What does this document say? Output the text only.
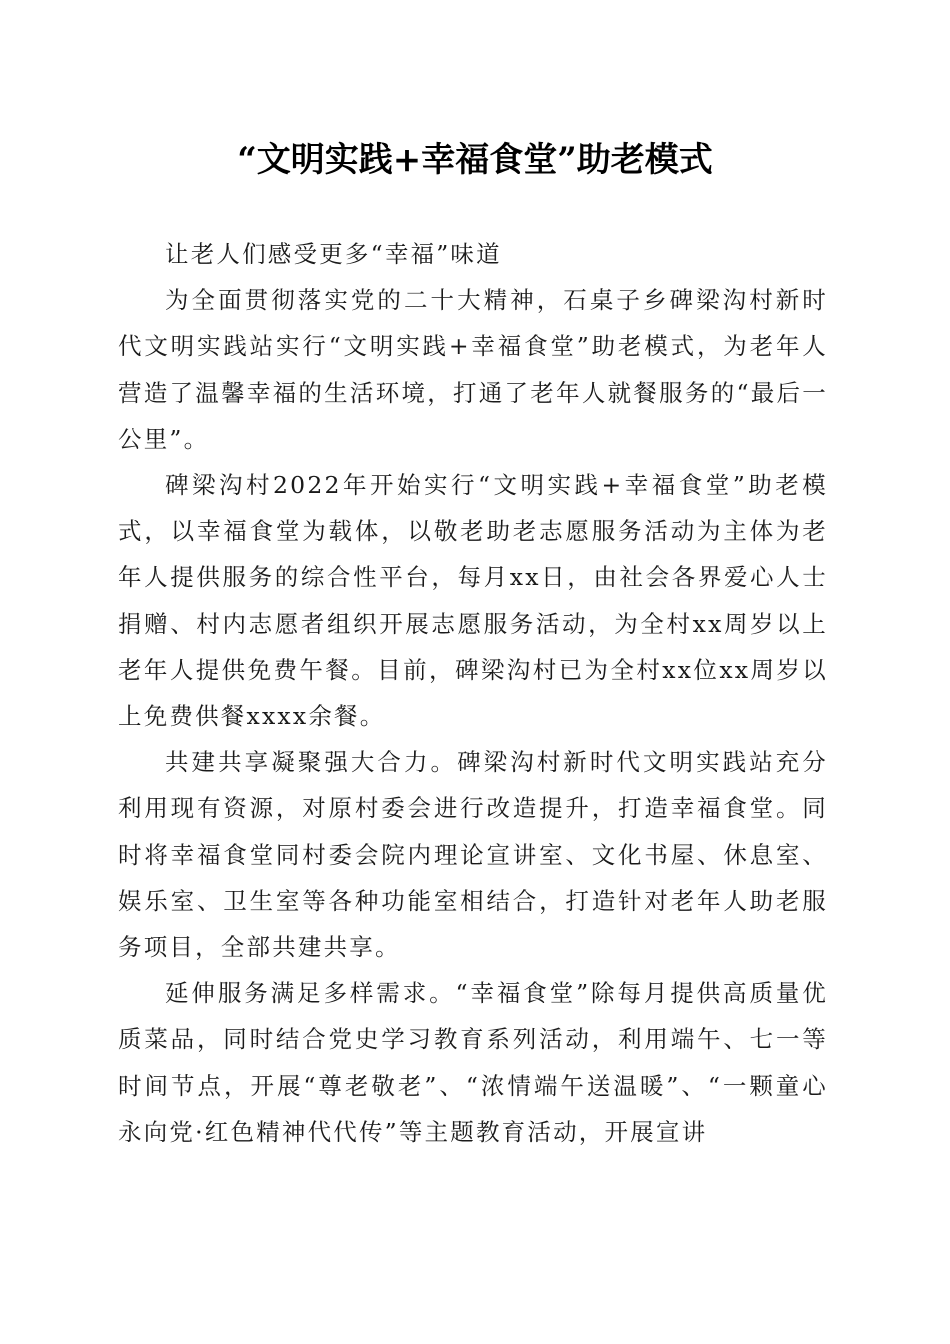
“文明实践+幸福食堂”助老模式

让老人们感受更多“幸福”味道

为全面贯彻落实党的二十大精神，石桌子乡碑梁沟村新时代文明实践站实行“文明实践+幸福食堂”助老模式，为老年人营造了温馨幸福的生活环境，打通了老年人就餐服务的“最后一公里”。

碑梁沟村2022年开始实行“文明实践+幸福食堂”助老模式，以幸福食堂为载体，以敬老助老志愿服务活动为主体为老年人提供服务的综合性平台，每月xx日，由社会各界爱心人士捐赠、村内志愿者组织开展志愿服务活动，为全村xx周岁以上老年人提供免费午餐。目前，碑梁沟村已为全村xx位xx周岁以上免费供餐xxxx余餐。

共建共享凝聚强大合力。碑梁沟村新时代文明实践站充分利用现有资源，对原村委会进行改造提升，打造幸福食堂。同时将幸福食堂同村委会院内理论宣讲室、文化书屋、休息室、娱乐室、卫生室等各种功能室相结合，打造针对老年人助老服务项目，全部共建共享。

延伸服务满足多样需求。“幸福食堂”除每月提供高质量优质菜品，同时结合党史学习教育系列活动，利用端午、七一等时间节点，开展“尊老敬老”、“浓情端午送温暖”、“一颗童心永向党·红色精神代代传”等主题教育活动，开展宣讲
